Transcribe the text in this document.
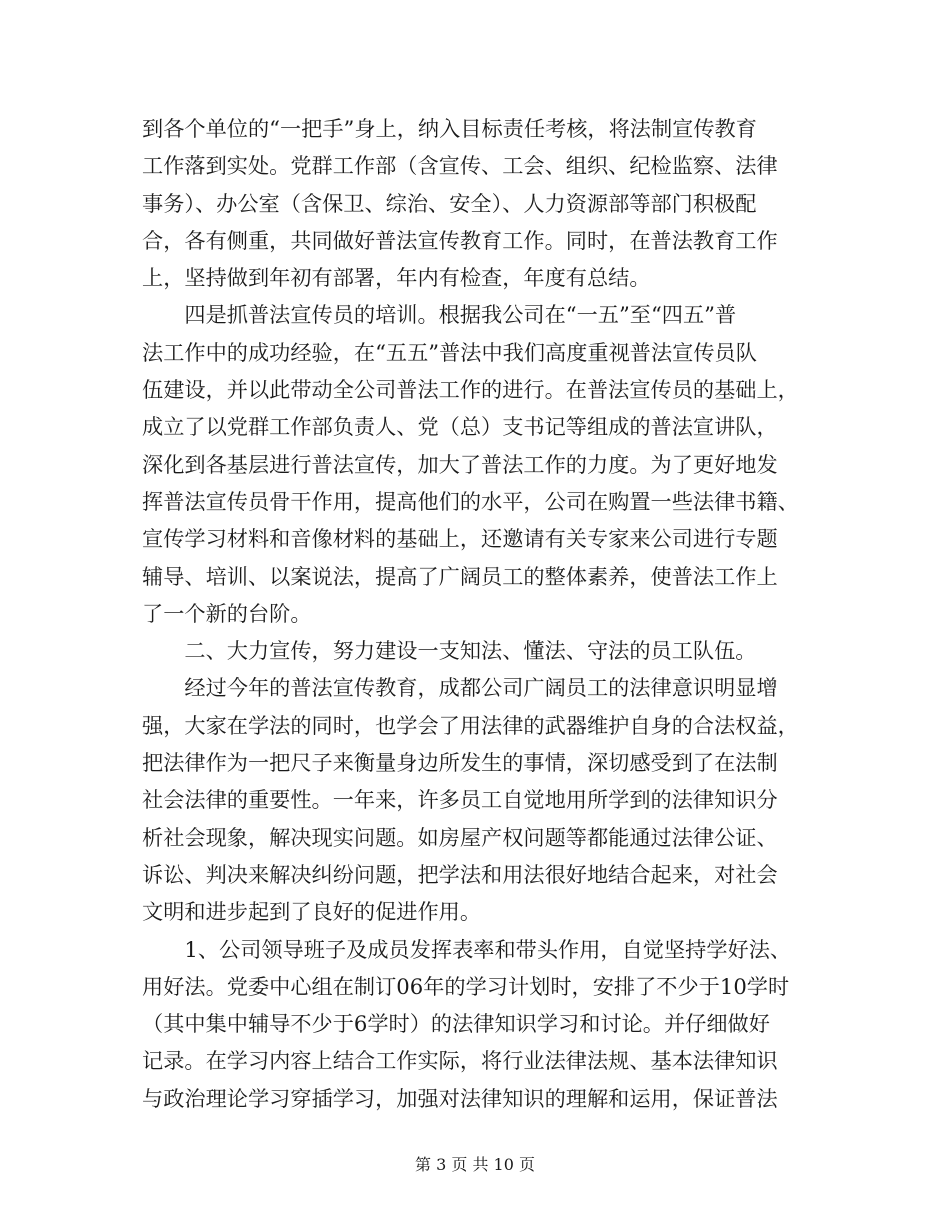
到各个单位的“一把手”身上，纳入目标责任考核，将法制宣传教育
工作落到实处。党群工作部（含宣传、工会、组织、纪检监察、法律
事务）、办公室（含保卫、综治、安全）、人力资源部等部门积极配
合，各有侧重，共同做好普法宣传教育工作。同时，在普法教育工作
上，坚持做到年初有部署，年内有检查，年度有总结。
　　四是抓普法宣传员的培训。根据我公司在“一五”至“四五”普
法工作中的成功经验，在“五五”普法中我们高度重视普法宣传员队
伍建设，并以此带动全公司普法工作的进行。在普法宣传员的基础上，
成立了以党群工作部负责人、党（总）支书记等组成的普法宣讲队，
深化到各基层进行普法宣传，加大了普法工作的力度。为了更好地发
挥普法宣传员骨干作用，提高他们的水平，公司在购置一些法律书籍、
宣传学习材料和音像材料的基础上，还邀请有关专家来公司进行专题
辅导、培训、以案说法，提高了广阔员工的整体素养，使普法工作上
了一个新的台阶。
　　二、大力宣传，努力建设一支知法、懂法、守法的员工队伍。
　　经过今年的普法宣传教育，成都公司广阔员工的法律意识明显增
强，大家在学法的同时，也学会了用法律的武器维护自身的合法权益，
把法律作为一把尺子来衡量身边所发生的事情，深切感受到了在法制
社会法律的重要性。一年来，许多员工自觉地用所学到的法律知识分
析社会现象，解决现实问题。如房屋产权问题等都能通过法律公证、
诉讼、判决来解决纠纷问题，把学法和用法很好地结合起来，对社会
文明和进步起到了良好的促进作用。
　　1、公司领导班子及成员发挥表率和带头作用，自觉坚持学好法、
用好法。党委中心组在制订06年的学习计划时，安排了不少于10学时
（其中集中辅导不少于6学时）的法律知识学习和讨论。并仔细做好
记录。在学习内容上结合工作实际，将行业法律法规、基本法律知识
与政治理论学习穿插学习，加强对法律知识的理解和运用，保证普法
第 3 页 共 10 页
